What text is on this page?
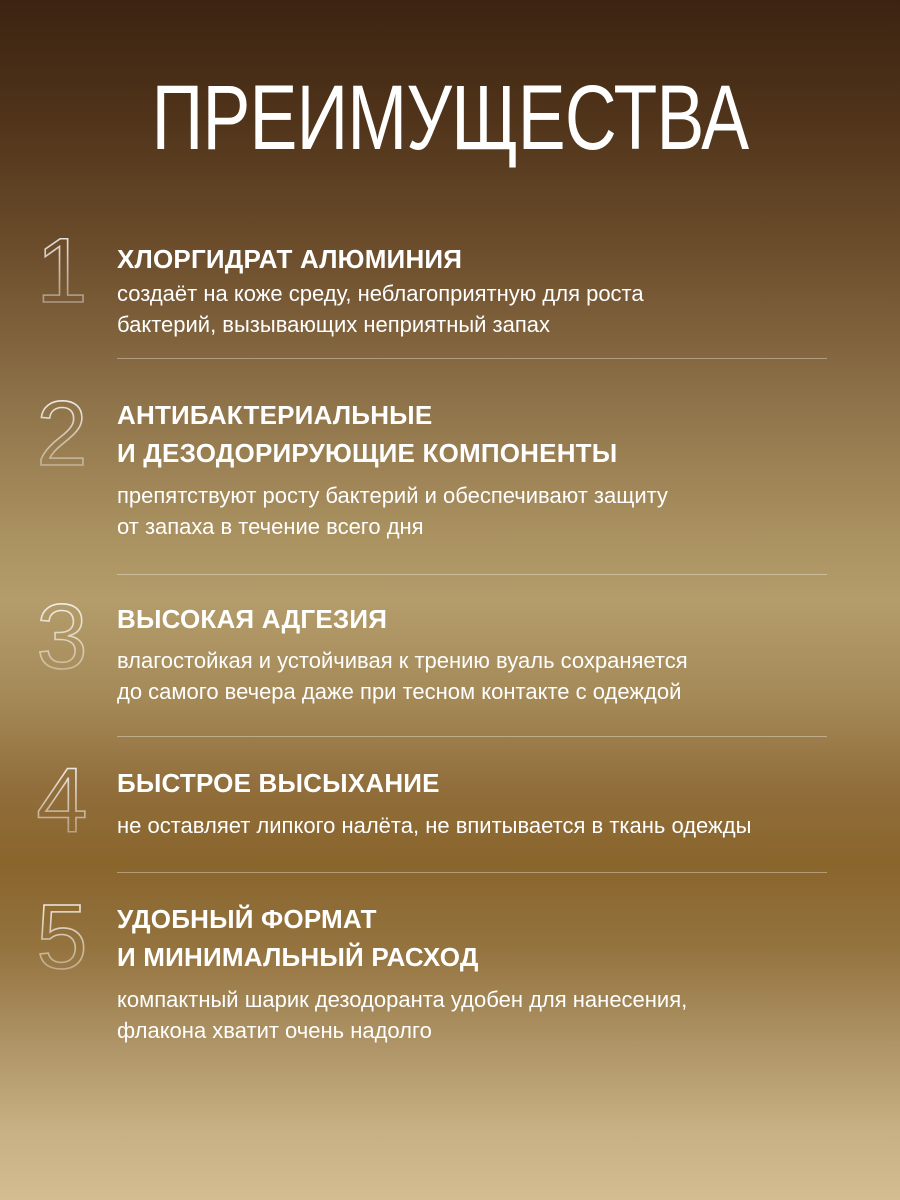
ПРЕИМУЩЕСТВА
1 ХЛОРГИДРАТ АЛЮМИНИЯ

создаёт на коже среду, неблагоприятную для роста
бактерий, вызывающих неприятный запах

2 АНТИБАКТЕРИАЛЬНЫЕ
И ДЕЗОДОРИРУЮЩИЕ КОМПОНЕНТЫ

препятствуют росту бактерий и обеспечивают защиту
от запаха в течение всего дня

3 ВЫСОКАЯ АДГЕЗИЯ

влагостойкая и устойчивая к трению вуаль сохраняется
до самого вечера даже при тесном контакте с одеждой

4 БЫСТРОЕ ВЫСЫХАНИЕ

не оставляет липкого налёта, не впитывается в ткань одежды

5 УДОБНЫЙ ФОРМАТ
И МИНИМАЛЬНЫЙ РАСХОД

компактный шарик дезодоранта удобен для нанесения,
флакона хватит очень надолго
